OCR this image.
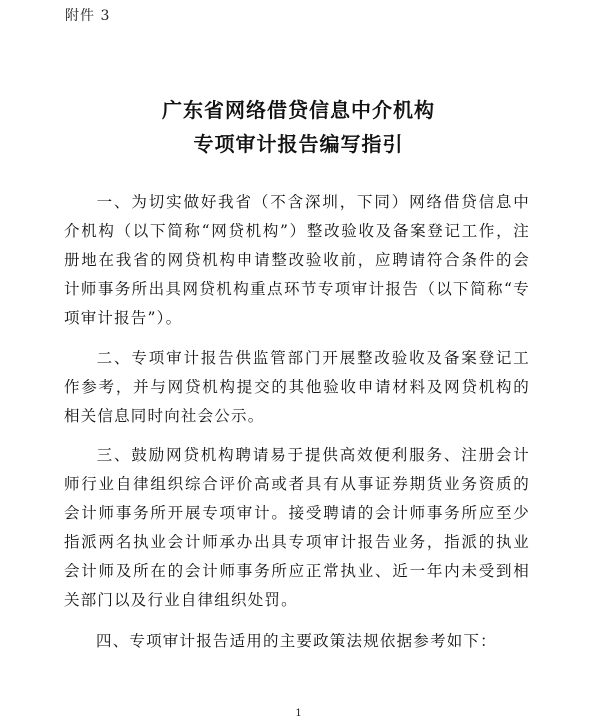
附件 3
广东省网络借贷信息中介机构
专项审计报告编写指引

一、为切实做好我省（不含深圳，下同）网络借贷信息中介机构（以下简称“网贷机构”）整改验收及备案登记工作，注册地在我省的网贷机构申请整改验收前，应聘请符合条件的会计师事务所出具网贷机构重点环节专项审计报告（以下简称“专项审计报告”）。

二、专项审计报告供监管部门开展整改验收及备案登记工作参考，并与网贷机构提交的其他验收申请材料及网贷机构的相关信息同时向社会公示。

三、鼓励网贷机构聘请易于提供高效便利服务、注册会计师行业自律组织综合评价高或者具有从事证券期货业务资质的会计师事务所开展专项审计。接受聘请的会计师事务所应至少指派两名执业会计师承办出具专项审计报告业务，指派的执业会计师及所在的会计师事务所应正常执业、近一年内未受到相关部门以及行业自律组织处罚。

四、专项审计报告适用的主要政策法规依据参考如下：

1
